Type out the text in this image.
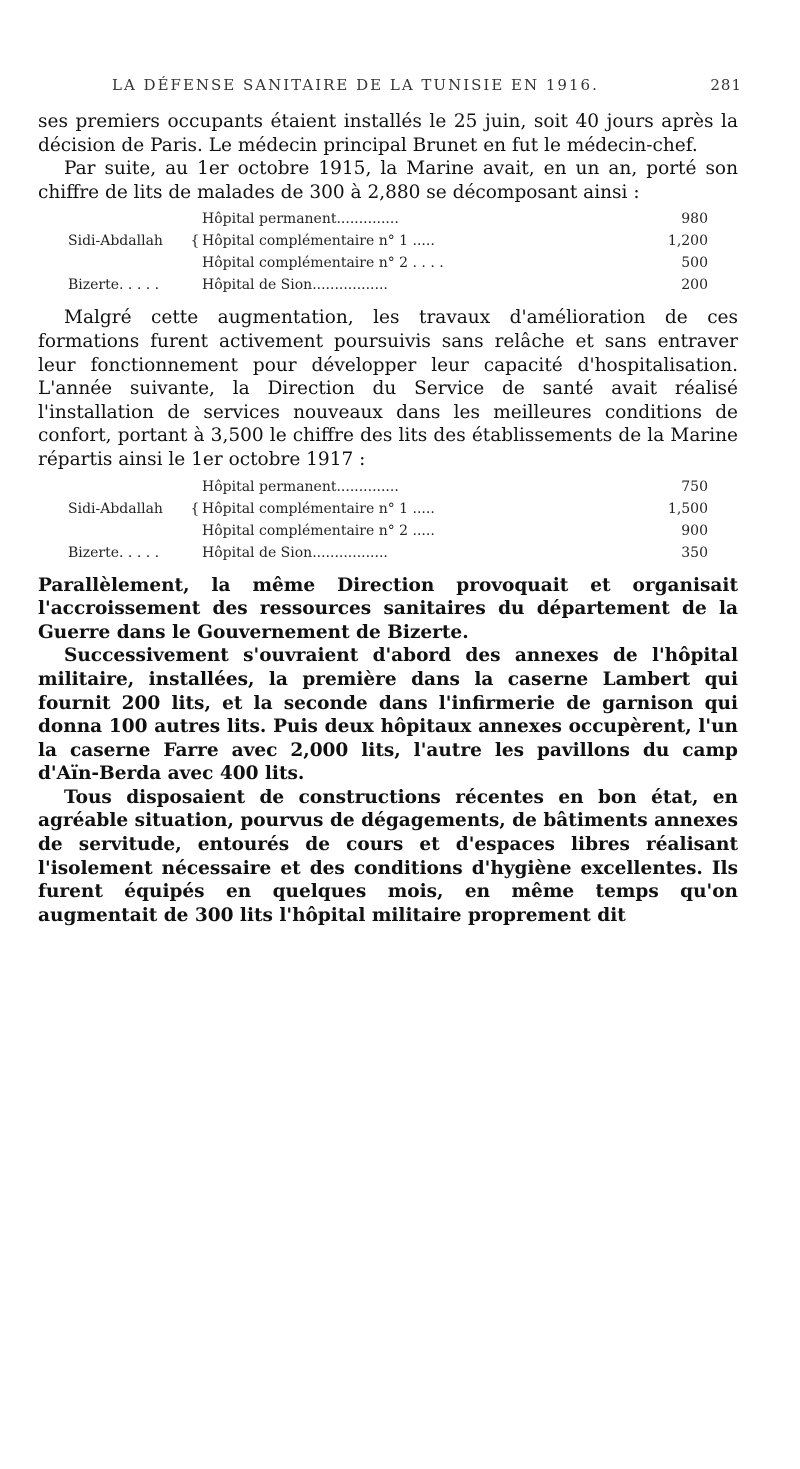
LA DÉFENSE SANITAIRE DE LA TUNISIE EN 1916.	281

ses premiers occupants étaient installés le 25 juin, soit 40 jours après la décision de Paris. Le médecin principal Brunet en fut le médecin-chef.

Par suite, au 1er octobre 1915, la Marine avait, en un an, porté son chiffre de lits de malades de 300 à 2,880 se décomposant ainsi :

		Hôpital permanent..............	980
Sidi-Abdallah	{	Hôpital complémentaire n° 1 .....	1,200
		Hôpital complémentaire n° 2 . . . .	500
Bizerte. . . . .		Hôpital de Sion.................	200

Malgré cette augmentation, les travaux d'amélioration de ces formations furent activement poursuivis sans relâche et sans entraver leur fonctionnement pour développer leur capacité d'hospitalisation. L'année suivante, la Direction du Service de santé avait réalisé l'installation de services nouveaux dans les meilleures conditions de confort, portant à 3,500 le chiffre des lits des établissements de la Marine répartis ainsi le 1er octobre 1917 :

		Hôpital permanent..............	750
Sidi-Abdallah	{	Hôpital complémentaire n° 1 .....	1,500
		Hôpital complémentaire n° 2 .....	900
Bizerte. . . . .		Hôpital de Sion.................	350

Parallèlement, la même Direction provoquait et organisait l'accroissement des ressources sanitaires du département de la Guerre dans le Gouvernement de Bizerte.

Successivement s'ouvraient d'abord des annexes de l'hôpital militaire, installées, la première dans la caserne Lambert qui fournit 200 lits, et la seconde dans l'infirmerie de garnison qui donna 100 autres lits. Puis deux hôpitaux annexes occupèrent, l'un la caserne Farre avec 2,000 lits, l'autre les pavillons du camp d'Aïn-Berda avec 400 lits.

Tous disposaient de constructions récentes en bon état, en agréable situation, pourvus de dégagements, de bâtiments annexes de servitude, entourés de cours et d'espaces libres réalisant l'isolement nécessaire et des conditions d'hygiène excellentes. Ils furent équipés en quelques mois, en même temps qu'on augmentait de 300 lits l'hôpital militaire proprement dit
